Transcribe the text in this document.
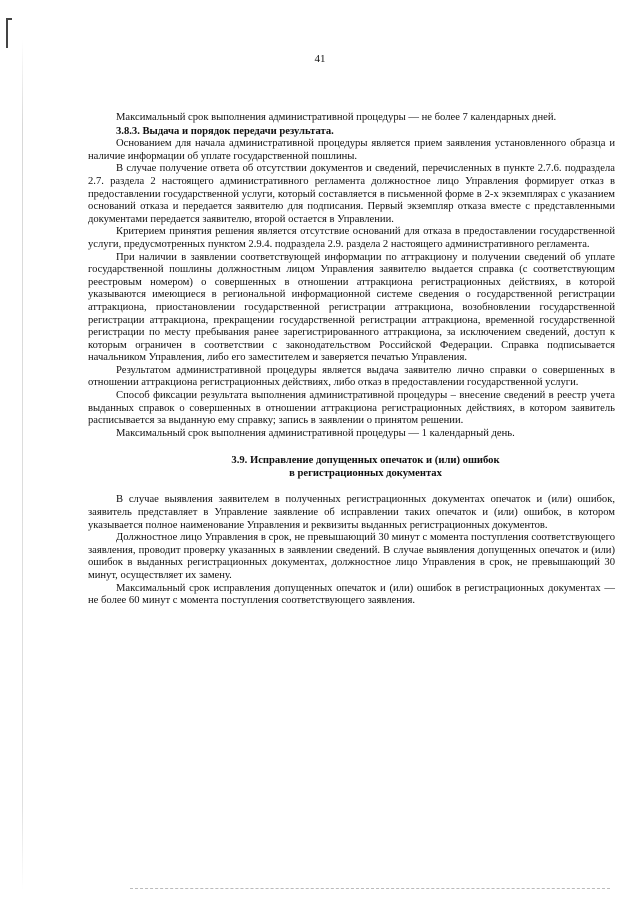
41

Максимальный срок выполнения административной процедуры — не более 7 календарных дней.

3.8.3. Выдача и порядок передачи результата.

Основанием для начала административной процедуры является прием заявления установленного образца и наличие информации об уплате государственной пошлины.

В случае получение ответа об отсутствии документов и сведений, перечисленных в пункте 2.7.6. подраздела 2.7. раздела 2 настоящего административного регламента должностное лицо Управления формирует отказ в предоставлении государственной услуги, который составляется в письменной форме в 2-х экземплярах с указанием оснований отказа и передается заявителю для подписания. Первый экземпляр отказа вместе с представленными документами передается заявителю, второй остается в Управлении.

Критерием принятия решения является отсутствие оснований для отказа в предоставлении государственной услуги, предусмотренных пунктом 2.9.4. подраздела 2.9. раздела 2 настоящего административного регламента.

При наличии в заявлении соответствующей информации по аттракциону и получении сведений об уплате государственной пошлины должностным лицом Управления заявителю выдается справка (с соответствующим реестровым номером) о совершенных в отношении аттракциона регистрационных действиях, в которой указываются имеющиеся в региональной информационной системе сведения о государственной регистрации аттракциона, приостановлении государственной регистрации аттракциона, возобновлении государственной регистрации аттракциона, прекращении государственной регистрации аттракциона, временной государственной регистрации по месту пребывания ранее зарегистрированного аттракциона, за исключением сведений, доступ к которым ограничен в соответствии с законодательством Российской Федерации. Справка подписывается начальником Управления, либо его заместителем и заверяется печатью Управления.

Результатом административной процедуры является выдача заявителю лично справки о совершенных в отношении аттракциона регистрационных действиях, либо отказ в предоставлении государственной услуги.

Способ фиксации результата выполнения административной процедуры – внесение сведений в реестр учета выданных справок о совершенных в отношении аттракциона регистрационных действиях, в котором заявитель расписывается за выданную ему справку; запись в заявлении о принятом решении.

Максимальный срок выполнения административной процедуры — 1 календарный день.

3.9. Исправление допущенных опечаток и (или) ошибок
в регистрационных документах

В случае выявления заявителем в полученных регистрационных документах опечаток и (или) ошибок, заявитель представляет в Управление заявление об исправлении таких опечаток и (или) ошибок, в котором указывается полное наименование Управления и реквизиты выданных регистрационных документов.

Должностное лицо Управления в срок, не превышающий 30 минут с момента поступления соответствующего заявления, проводит проверку указанных в заявлении сведений. В случае выявления допущенных опечаток и (или) ошибок в выданных регистрационных документах, должностное лицо Управления в срок, не превышающий 30 минут, осуществляет их замену.

Максимальный срок исправления допущенных опечаток и (или) ошибок в регистрационных документах — не более 60 минут с момента поступления соответствующего заявления.
